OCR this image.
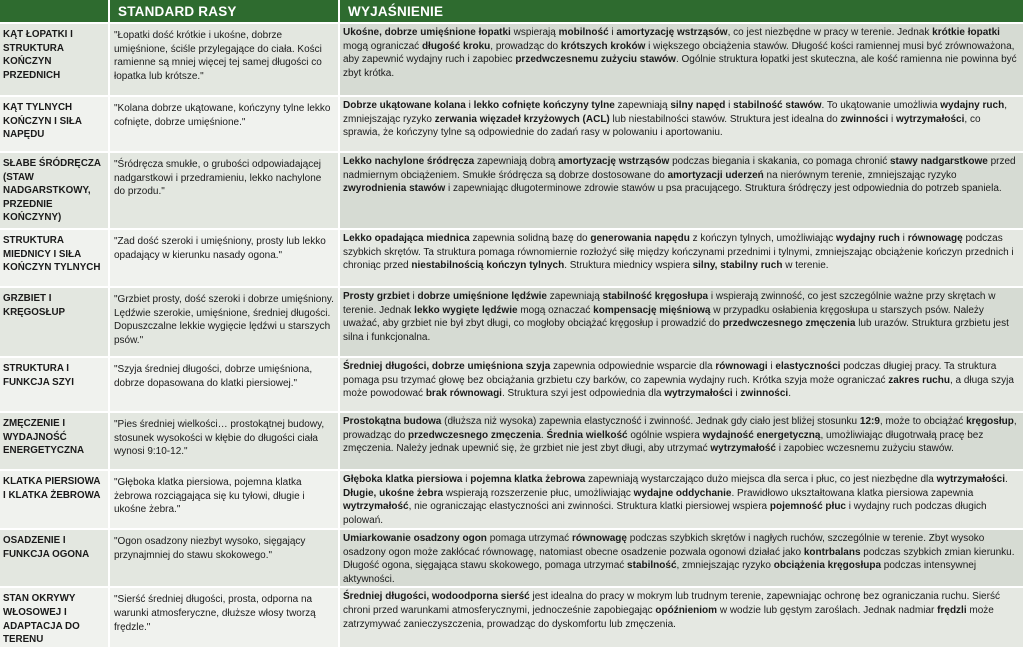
	STANDARD RASY	WYJAŚNIENIE
KĄT ŁOPATKI I STRUKTURA KOŃCZYN PRZEDNICH	"Łopatki dość krótkie i ukośne, dobrze umięśnione, ściśle przylegające do ciała. Kości ramienne są mniej więcej tej samej długości co łopatka lub krótsze."	Ukośne, dobrze umięśnione łopatki wspierają mobilność i amortyzację wstrząsów, co jest niezbędne w pracy w terenie. Jednak krótkie łopatki mogą ograniczać długość kroku, prowadząc do krótszych kroków i większego obciążenia stawów. Długość kości ramiennej musi być zrównoważona, aby zapewnić wydajny ruch i zapobiec przedwczesnemu zużyciu stawów. Ogólnie struktura łopatki jest skuteczna, ale kość ramienna nie powinna być zbyt krótka.
KĄT TYLNYCH KOŃCZYN I SIŁA NAPĘDU	"Kolana dobrze ukątowane, kończyny tylne lekko cofnięte, dobrze umięśnione."	Dobrze ukątowane kolana i lekko cofnięte kończyny tylne zapewniają silny napęd i stabilność stawów. To ukątowanie umożliwia wydajny ruch, zmniejszając ryzyko zerwania więzadeł krzyżowych (ACL) lub niestabilności stawów. Struktura jest idealna do zwinności i wytrzymałości, co sprawia, że kończyny tylne są odpowiednie do zadań rasy w polowaniu i aportowaniu.
SŁABE ŚRÓDRĘCZA (STAW NADGARSTKOWY, PRZEDNIE KOŃCZYNY)	"Śródręcza smukłe, o grubości odpowiadającej nadgarstkowi i przedramieniu, lekko nachylone do przodu."	Lekko nachylone śródręcza zapewniają dobrą amortyzację wstrząsów podczas biegania i skakania, co pomaga chronić stawy nadgarstkowe przed nadmiernym obciążeniem. Smukłe śródręcza są dobrze dostosowane do amortyzacji uderzeń na nierównym terenie, zmniejszając ryzyko zwyrodnienia stawów i zapewniając długoterminowe zdrowie stawów u psa pracującego. Struktura śródręczy jest odpowiednia do potrzeb spaniela.
STRUKTURA MIEDNICY I SIŁA KOŃCZYN TYLNYCH	"Zad dość szeroki i umięśniony, prosty lub lekko opadający w kierunku nasady ogona."	Lekko opadająca miednica zapewnia solidną bazę do generowania napędu z kończyn tylnych, umożliwiając wydajny ruch i równowagę podczas szybkich skrętów. Ta struktura pomaga równomiernie rozłożyć siłę między kończynami przednimi i tylnymi, zmniejszając obciążenie kończyn przednich i chroniąc przed niestabilnością kończyn tylnych. Struktura miednicy wspiera silny, stabilny ruch w terenie.
GRZBIET I KRĘGOSŁUP	"Grzbiet prosty, dość szeroki i dobrze umięśniony. Lędźwie szerokie, umięśnione, średniej długości. Dopuszczalne lekkie wygięcie lędźwi u starszych psów."	Prosty grzbiet i dobrze umięśnione lędźwie zapewniają stabilność kręgosłupa i wspierają zwinność, co jest szczególnie ważne przy skrętach w terenie. Jednak lekko wygięte lędźwie mogą oznaczać kompensację mięśniową w przypadku osłabienia kręgosłupa u starszych psów. Należy uważać, aby grzbiet nie był zbyt długi, co mogłoby obciążać kręgosłup i prowadzić do przedwczesnego zmęczenia lub urazów. Struktura grzbietu jest silna i funkcjonalna.
STRUKTURA I FUNKCJA SZYI	"Szyja średniej długości, dobrze umięśniona, dobrze dopasowana do klatki piersiowej."	Średniej długości, dobrze umięśniona szyja zapewnia odpowiednie wsparcie dla równowagi i elastyczności podczas długiej pracy. Ta struktura pomaga psu trzymać głowę bez obciążania grzbietu czy barków, co zapewnia wydajny ruch. Krótka szyja może ograniczać zakres ruchu, a długa szyja może powodować brak równowagi. Struktura szyi jest odpowiednia dla wytrzymałości i zwinności.
ZMĘCZENIE I WYDAJNOŚĆ ENERGETYCZNA	"Pies średniej wielkości… prostokątnej budowy, stosunek wysokości w kłębie do długości ciała wynosi 9:10-12."	Prostokątna budowa (dłuższa niż wysoka) zapewnia elastyczność i zwinność. Jednak gdy ciało jest bliżej stosunku 12:9, może to obciążać kręgosłup, prowadząc do przedwczesnego zmęczenia. Średnia wielkość ogólnie wspiera wydajność energetyczną, umożliwiając długotrwałą pracę bez zmęczenia. Należy jednak upewnić się, że grzbiet nie jest zbyt długi, aby utrzymać wytrzymałość i zapobiec wczesnemu zużyciu stawów.
KLATKA PIERSIOWA I KLATKA ŻEBROWA	"Głęboka klatka piersiowa, pojemna klatka żebrowa rozciągająca się ku tyłowi, długie i ukośne żebra."	Głęboka klatka piersiowa i pojemna klatka żebrowa zapewniają wystarczająco dużo miejsca dla serca i płuc, co jest niezbędne dla wytrzymałości. Długie, ukośne żebra wspierają rozszerzenie płuc, umożliwiając wydajne oddychanie. Prawidłowo ukształtowana klatka piersiowa zapewnia wytrzymałość, nie ograniczając elastyczności ani zwinności. Struktura klatki piersiowej wspiera pojemność płuc i wydajny ruch podczas długich polowań.
OSADZENIE I FUNKCJA OGONA	"Ogon osadzony niezbyt wysoko, sięgający przynajmniej do stawu skokowego."	Umiarkowanie osadzony ogon pomaga utrzymać równowagę podczas szybkich skrętów i nagłych ruchów, szczególnie w terenie. Zbyt wysoko osadzony ogon może zakłócać równowagę, natomiast obecne osadzenie pozwala ogonowi działać jako kontrbalans podczas szybkich zmian kierunku. Długość ogona, sięgająca stawu skokowego, pomaga utrzymać stabilność, zmniejszając ryzyko obciążenia kręgosłupa podczas intensywnej aktywności.
STAN OKRYWY WŁOSOWEJ I ADAPTACJA DO TERENU	"Sierść średniej długości, prosta, odporna na warunki atmosferyczne, dłuższe włosy tworzą frędzle."	Średniej długości, wodoodporna sierść jest idealna do pracy w mokrym lub trudnym terenie, zapewniając ochronę bez ograniczania ruchu. Sierść chroni przed warunkami atmosferycznymi, jednocześnie zapobiegając opóźnieniom w wodzie lub gęstym zaroślach. Jednak nadmiar frędzli może zatrzymywać zanieczyszczenia, prowadząc do dyskomfortu lub zmęczenia.
